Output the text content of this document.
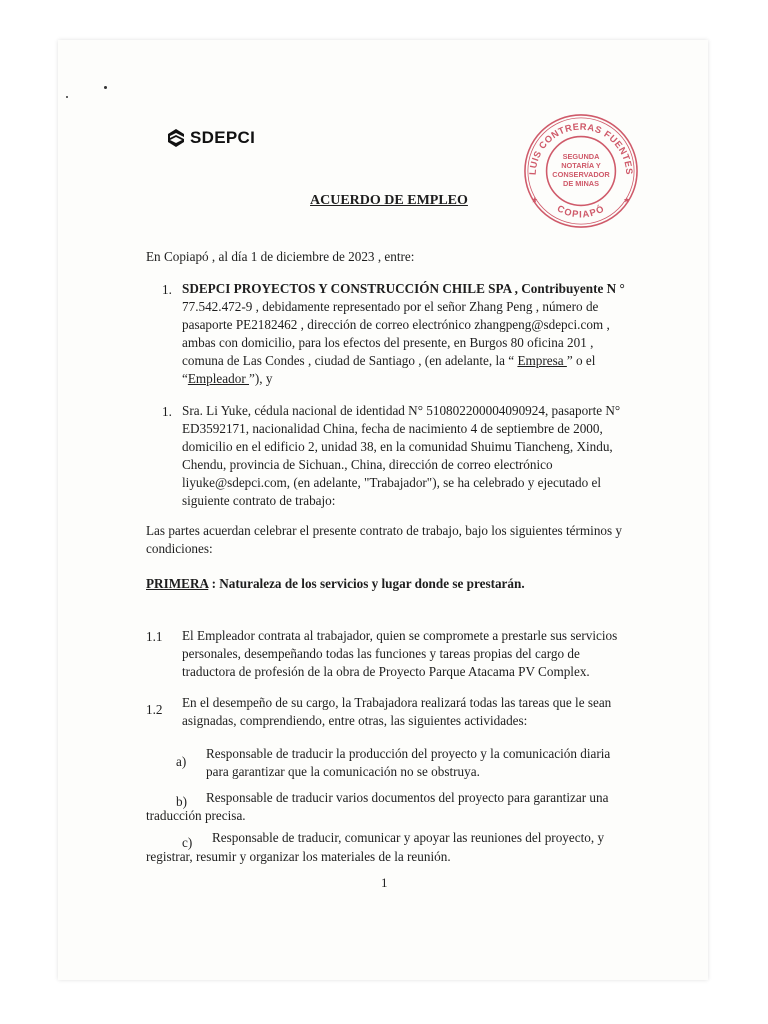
SDEPCI
LUIS CONTRERAS FUENTES
COPIAPÓ
SEGUNDA
NOTARÍA Y
CONSERVADOR
DE MINAS
★	★
ACUERDO DE EMPLEO
En Copiapó , al día 1 de diciembre de 2023 , entre:
1. SDEPCI PROYECTOS Y CONSTRUCCIÓN CHILE SPA , Contribuyente N °
77.542.472-9 , debidamente representado por el señor Zhang Peng , número de
pasaporte PE2182462 , dirección de correo electrónico zhangpeng@sdepci.com ,
ambas con domicilio, para los efectos del presente, en Burgos 80 oficina 201 ,
comuna de Las Condes , ciudad de Santiago , (en adelante, la “ Empresa ” o el
“Empleador ”), y
1. Sra. Li Yuke, cédula nacional de identidad N° 510802200004090924, pasaporte N°
ED3592171, nacionalidad China, fecha de nacimiento 4 de septiembre de 2000,
domicilio en el edificio 2, unidad 38, en la comunidad Shuimu Tiancheng, Xindu,
Chendu, provincia de Sichuan., China, dirección de correo electrónico
liyuke@sdepci.com, (en adelante, "Trabajador"), se ha celebrado y ejecutado el
siguiente contrato de trabajo:
Las partes acuerdan celebrar el presente contrato de trabajo, bajo los siguientes términos y
condiciones:
PRIMERA : Naturaleza de los servicios y lugar donde se prestarán.
1.1 El Empleador contrata al trabajador, quien se compromete a prestarle sus servicios
personales, desempeñando todas las funciones y tareas propias del cargo de
traductora de profesión de la obra de Proyecto Parque Atacama PV Complex.
1.2 En el desempeño de su cargo, la Trabajadora realizará todas las tareas que le sean
asignadas, comprendiendo, entre otras, las siguientes actividades:
a)
Responsable de traducir la producción del proyecto y la comunicación diaria
para garantizar que la comunicación no se obstruya.
b) Responsable de traducir varios documentos del proyecto para garantizar una
traducción precisa.
c) Responsable de traducir, comunicar y apoyar las reuniones del proyecto, y
registrar, resumir y organizar los materiales de la reunión.
1
